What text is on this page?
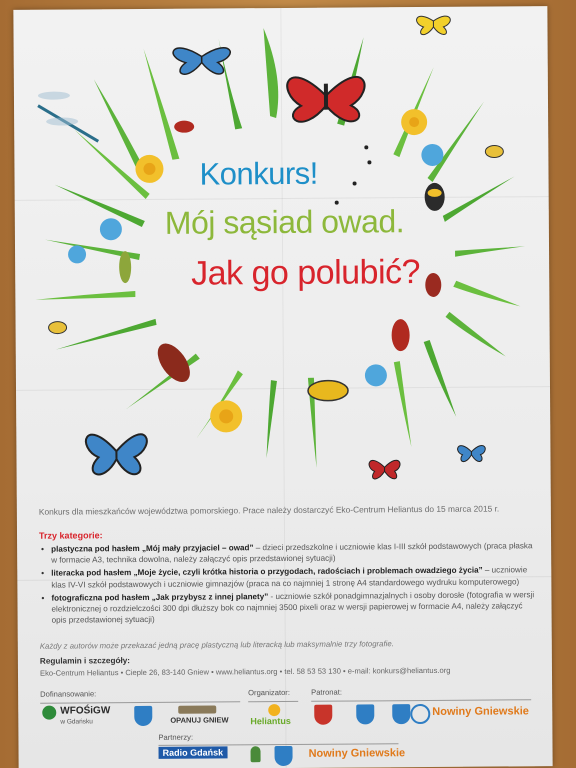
Konkurs!
Mój sąsiad owad.
Jak go polubić?
Konkurs dla mieszkańców województwa pomorskiego. Prace należy dostarczyć Eko-Centrum Heliantus do 15 marca 2015 r.
Trzy kategorie:
• plastyczna pod hasłem „Mój mały przyjaciel – owad” – dzieci przedszkolne i uczniowie klas I-III szkół podstawowych (praca płaska w formacie A3, technika dowolna, należy załączyć opis przedstawionej sytuacji)
• literacka pod hasłem „Moje życie, czyli krótka historia o przygodach, radościach i problemach owadziego życia” – uczniowie klas IV-VI szkół podstawowych i uczniowie gimnazjów (praca na co najmniej 1 stronę A4 standardowego wydruku komputerowego)
• fotograficzna pod hasłem „Jak przybysz z innej planety” - uczniowie szkół ponadgimnazjalnych i osoby dorosłe (fotografia w wersji elektronicznej o rozdzielczości 300 dpi dłuższy bok co najmniej 3500 pixeli oraz w wersji papierowej w formacie A4, należy załączyć opis przedstawionej sytuacji)
Każdy z autorów może przekazać jedną pracę plastyczną lub literacką lub maksymalnie trzy fotografie.
Regulamin i szczegóły:
Eko-Centrum Heliantus • Cieple 26, 83-140 Gniew • www.heliantus.org • tel. 58 53 53 130 • e-mail: konkurs@heliantus.org
Dofinansowanie:	Organizator:	Patronat:
WFOŚiGW
w Gdańsku	OPANUJ GNIEW Heliantus
Nowiny Gniewskie
Partnerzy:
Radio Gdańsk	Nowiny Gniewskie
